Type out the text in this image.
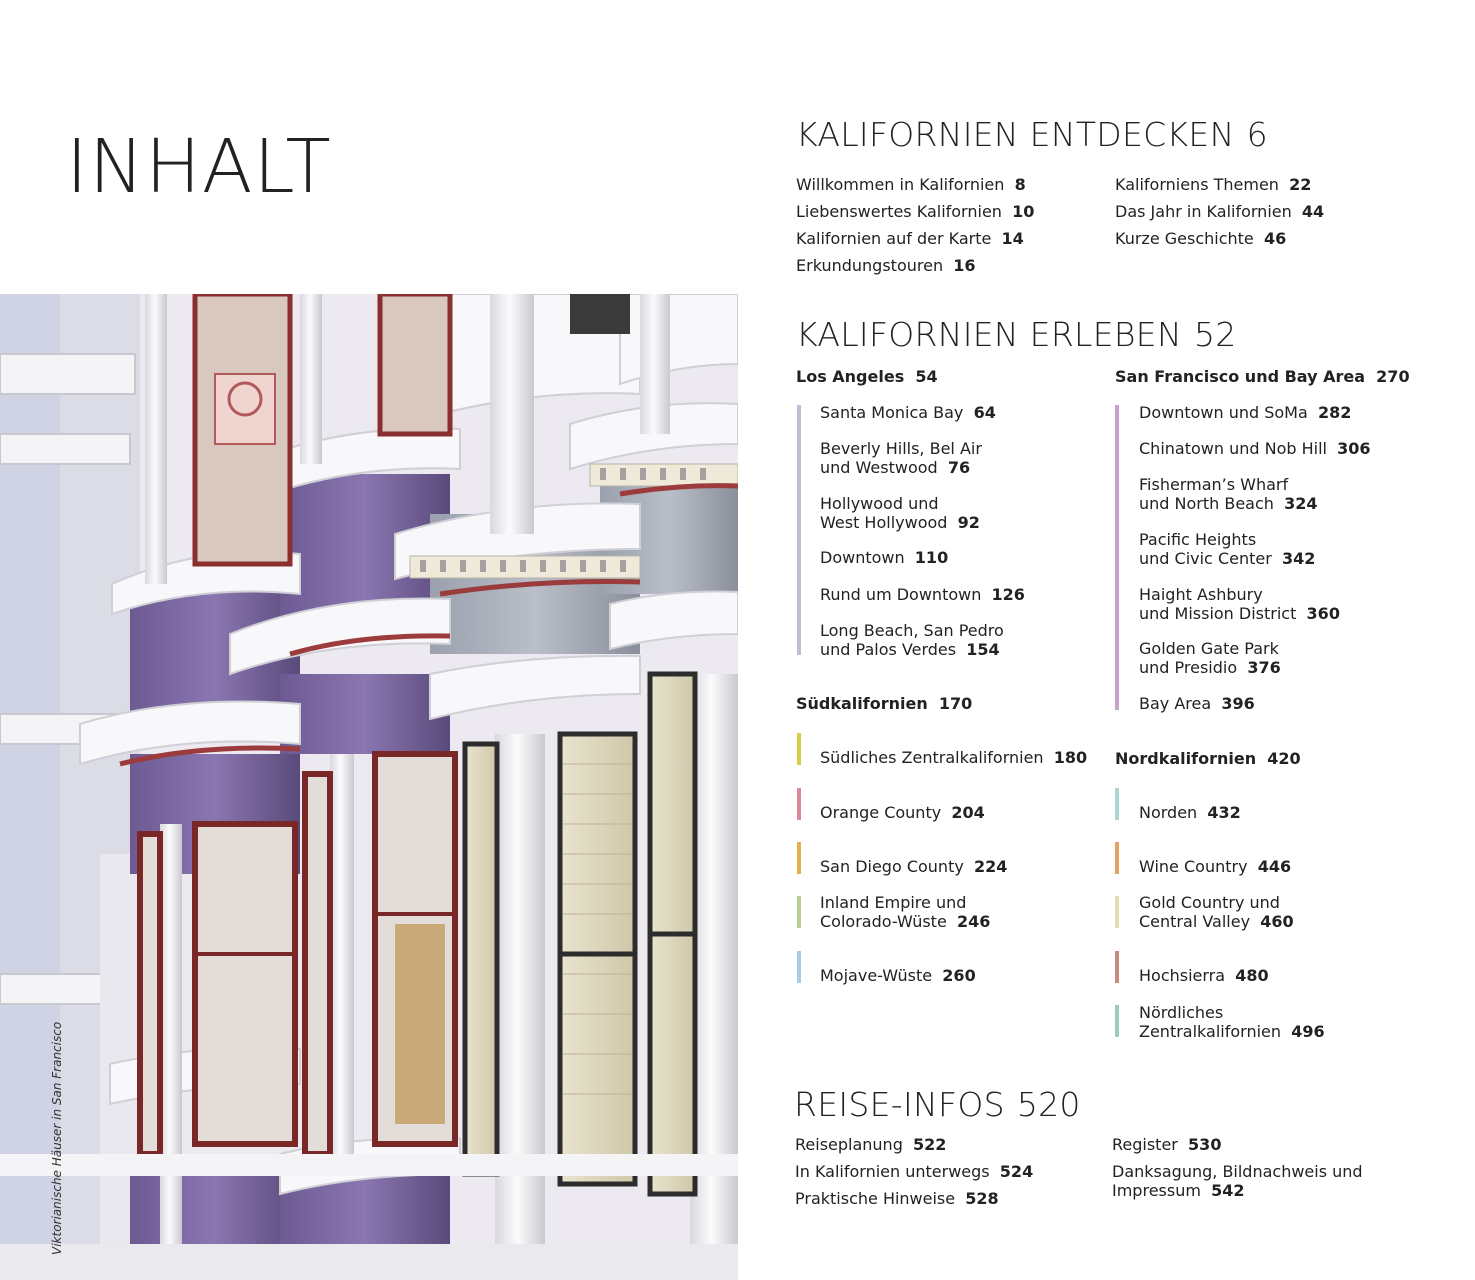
INHALT
Viktorianische Häuser in San Francisco
KALIFORNIEN ENTDECKEN 6
Willkommen in Kalifornien 8
Liebenswertes Kalifornien 10
Kalifornien auf der Karte 14
Erkundungstouren 16
Kaliforniens Themen 22
Das Jahr in Kalifornien 44
Kurze Geschichte 46
KALIFORNIEN ERLEBEN 52
Los Angeles 54
Santa Monica Bay 64
Beverly Hills, Bel Air
und Westwood 76
Hollywood und
West Hollywood 92
Downtown 110
Rund um Downtown 126
Long Beach, San Pedro
und Palos Verdes 154
San Francisco und Bay Area 270
Downtown und SoMa 282
Chinatown und Nob Hill 306
Fisherman’s Wharf
und North Beach 324
Pacific Heights
und Civic Center 342
Haight Ashbury
und Mission District 360
Golden Gate Park
und Presidio 376
Bay Area 396
Südkalifornien 170
Südliches Zentralkalifornien 180
Orange County 204
San Diego County 224
Inland Empire und
Colorado-Wüste 246
Mojave-Wüste 260
Nordkalifornien 420
Norden 432
Wine Country 446
Gold Country und
Central Valley 460
Hochsierra 480
Nördliches
Zentralkalifornien 496
REISE-INFOS 520
Reiseplanung 522
In Kalifornien unterwegs 524
Praktische Hinweise 528
Register 530
Danksagung, Bildnachweis und
Impressum 542
